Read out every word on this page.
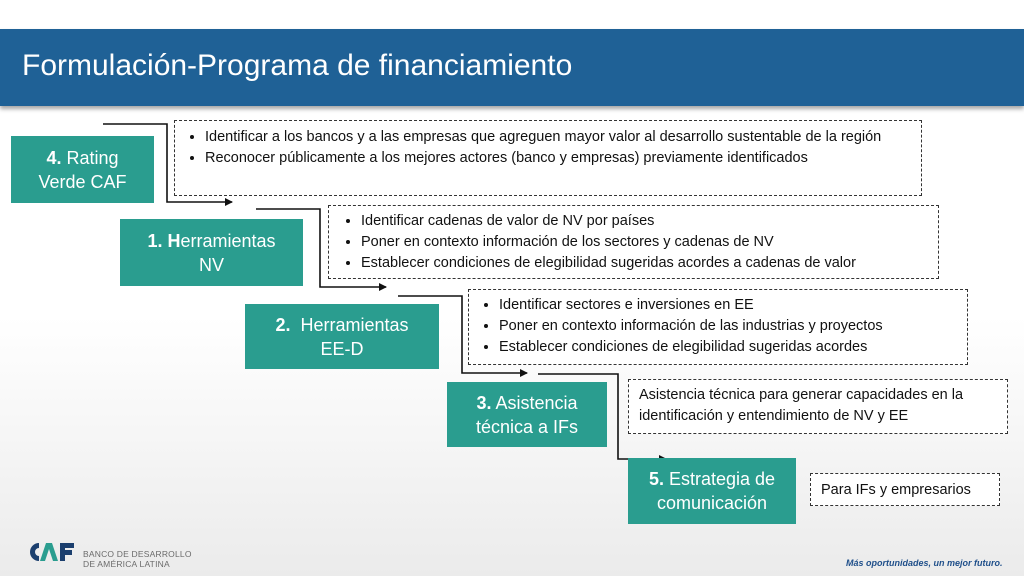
Formulación-Programa de financiamiento
4. Rating
Verde CAF
1. Herramientas
NV
2. Herramientas
EE-D
3. Asistencia
técnica a IFs
5. Estrategia de
comunicación
• Identificar a los bancos y a las empresas que agreguen mayor valor al desarrollo sustentable de la región
• Reconocer públicamente a los mejores actores (banco y empresas) previamente identificados
• Identificar cadenas de valor de NV por países
• Poner en contexto información de los sectores y cadenas de NV
• Establecer condiciones de elegibilidad sugeridas acordes a cadenas de valor
• Identificar sectores e inversiones en EE
• Poner en contexto información de las industrias y proyectos
• Establecer condiciones de elegibilidad sugeridas acordes

Asistencia técnica para generar capacidades en la identificación y entendimiento de NV y EE

Para IFs y empresarios

BANCO DE DESARROLLO
DE AMÉRICA LATINA	Más oportunidades, un mejor futuro.
